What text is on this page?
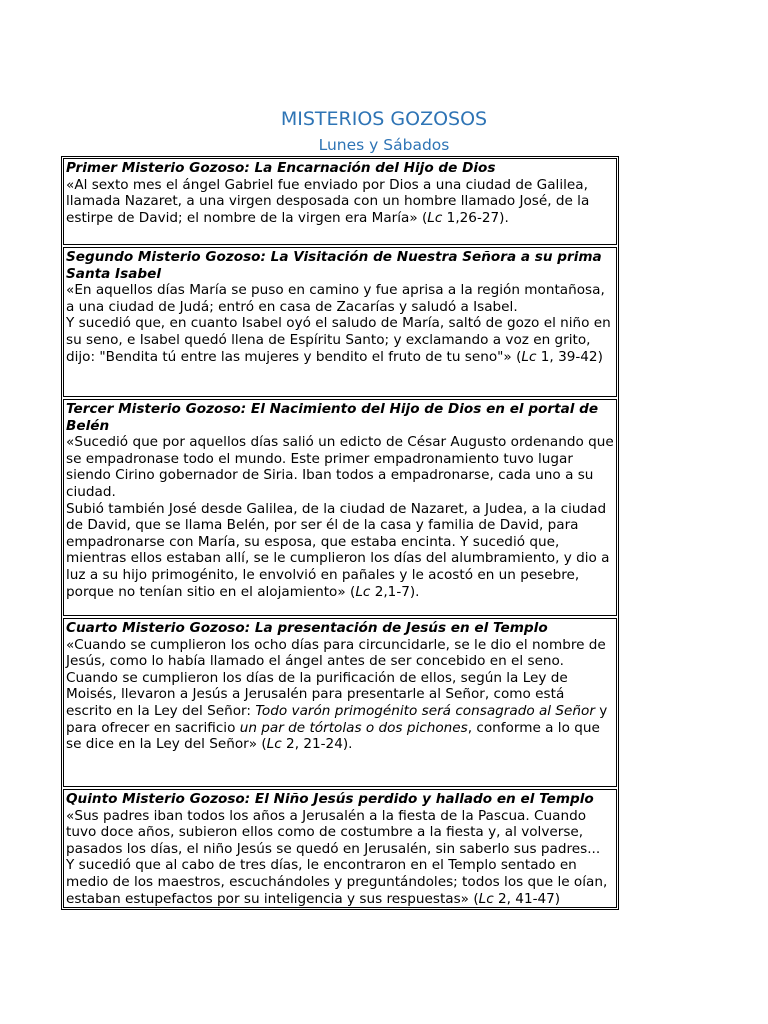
MISTERIOS GOZOSOS
Lunes y Sábados
Primer Misterio Gozoso: La Encarnación del Hijo de Dios
«Al sexto mes el ángel Gabriel fue enviado por Dios a una ciudad de Galilea, llamada Nazaret, a una virgen desposada con un hombre llamado José, de la estirpe de David; el nombre de la virgen era María» (Lc 1,26-27).

Segundo Misterio Gozoso: La Visitación de Nuestra Señora a su prima Santa Isabel
«En aquellos días María se puso en camino y fue aprisa a la región montañosa, a una ciudad de Judá; entró en casa de Zacarías y saludó a Isabel.
Y sucedió que, en cuanto Isabel oyó el saludo de María, saltó de gozo el niño en su seno, e Isabel quedó llena de Espíritu Santo; y exclamando a voz en grito, dijo: "Bendita tú entre las mujeres y bendito el fruto de tu seno"» (Lc 1, 39-42)

Tercer Misterio Gozoso: El Nacimiento del Hijo de Dios en el portal de Belén
«Sucedió que por aquellos días salió un edicto de César Augusto ordenando que se empadronase todo el mundo. Este primer empadronamiento tuvo lugar siendo Cirino gobernador de Siria. Iban todos a empadronarse, cada uno a su ciudad.
Subió también José desde Galilea, de la ciudad de Nazaret, a Judea, a la ciudad de David, que se llama Belén, por ser él de la casa y familia de David, para empadronarse con María, su esposa, que estaba encinta. Y sucedió que, mientras ellos estaban allí, se le cumplieron los días del alumbramiento, y dio a luz a su hijo primogénito, le envolvió en pañales y le acostó en un pesebre, porque no tenían sitio en el alojamiento» (Lc 2,1-7).

Cuarto Misterio Gozoso: La presentación de Jesús en el Templo
«Cuando se cumplieron los ocho días para circuncidarle, se le dio el nombre de Jesús, como lo había llamado el ángel antes de ser concebido en el seno. Cuando se cumplieron los días de la purificación de ellos, según la Ley de Moisés, llevaron a Jesús a Jerusalén para presentarle al Señor, como está escrito en la Ley del Señor: Todo varón primogénito será consagrado al Señor y para ofrecer en sacrificio un par de tórtolas o dos pichones, conforme a lo que se dice en la Ley del Señor» (Lc 2, 21-24).

Quinto Misterio Gozoso: El Niño Jesús perdido y hallado en el Templo
«Sus padres iban todos los años a Jerusalén a la fiesta de la Pascua. Cuando tuvo doce años, subieron ellos como de costumbre a la fiesta y, al volverse, pasados los días, el niño Jesús se quedó en Jerusalén, sin saberlo sus padres...
Y sucedió que al cabo de tres días, le encontraron en el Templo sentado en medio de los maestros, escuchándoles y preguntándoles; todos los que le oían, estaban estupefactos por su inteligencia y sus respuestas» (Lc 2, 41-47)
